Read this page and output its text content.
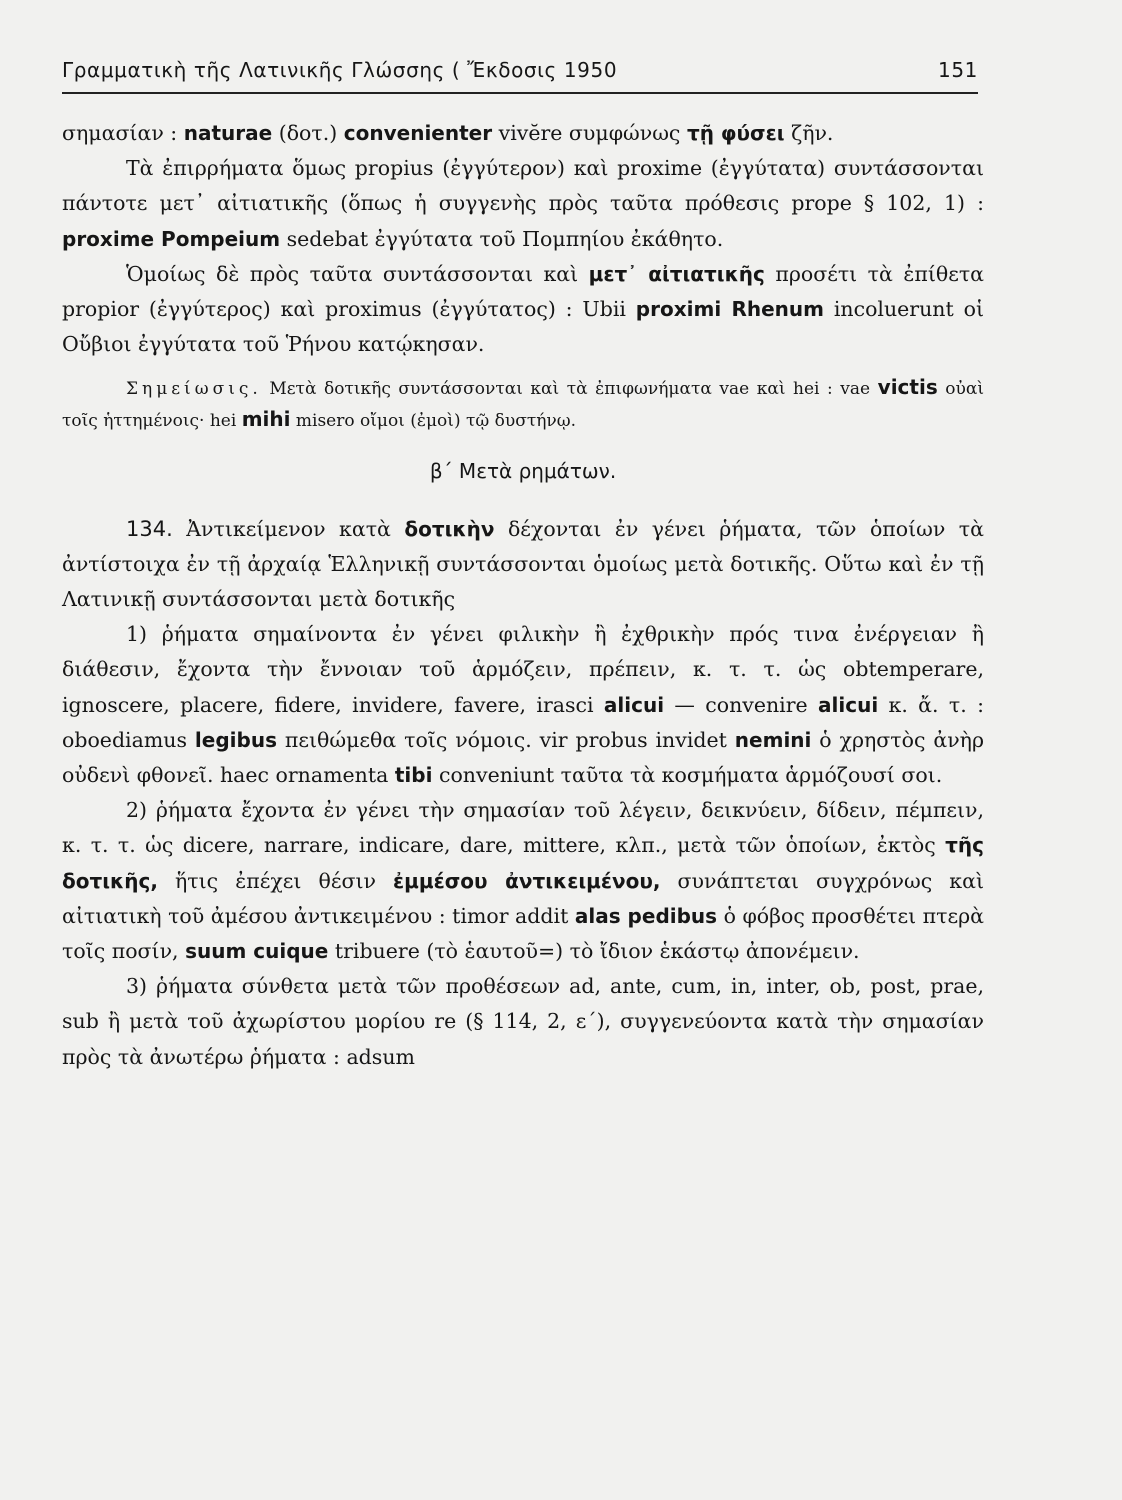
Γραμματικὴ τῆς Λατινικῆς Γλώσσης ( Ἔκδοσις 1950	151

σημασίαν : naturae (δοτ.) convenienter vivĕre συμφώνως τῇ φύσει ζῆν.

Τὰ ἐπιρρήματα ὅμως propius (ἐγγύτερον) καὶ proxime (ἐγγύτατα) συντάσσονται πάντοτε μετ᾿ αἰτιατικῆς (ὅπως ἡ συγγενὴς πρὸς ταῦτα πρόθεσις prope § 102, 1) : proxime Pompeium sedebat ἐγγύτατα τοῦ Πομπηίου ἐκάθητο.

Ὁμοίως δὲ πρὸς ταῦτα συντάσσονται καὶ μετ᾿ αἰτιατικῆς προσέτι τὰ ἐπίθετα propior (ἐγγύτερος) καὶ proximus (ἐγγύτατος) : Ubii proximi Rhenum incoluerunt οἱ Οὔβιοι ἐγγύτατα τοῦ Ῥήνου κατῴκησαν.

Σημείωσις. Μετὰ δοτικῆς συντάσσονται καὶ τὰ ἐπιφωνήματα vae καὶ hei : vae victis οὐαὶ τοῖς ἡττημένοις· hei mihi misero οἴμοι (ἐμοὶ) τῷ δυστήνῳ.

β΄ Μετὰ ρημάτων.

134. Ἀντικείμενον κατὰ δοτικὴν δέχονται ἐν γένει ῥήματα, τῶν ὁποίων τὰ ἀντίστοιχα ἐν τῇ ἀρχαίᾳ Ἑλληνικῇ συντάσσονται ὁμοίως μετὰ δοτικῆς. Οὕτω καὶ ἐν τῇ Λατινικῇ συντάσσονται μετὰ δοτικῆς

1) ῥήματα σημαίνοντα ἐν γένει φιλικὴν ἢ ἐχθρικὴν πρός τινα ἐνέργειαν ἢ διάθεσιν, ἔχοντα τὴν ἔννοιαν τοῦ ἁρμόζειν, πρέπειν, κ. τ. τ. ὡς obtemperare, ignoscere, placere, fidere, invidere, favere, irasci alicui — convenire alicui κ. ἄ. τ. : oboediamus legibus πειθώμεθα τοῖς νόμοις. vir probus invidet nemini ὁ χρηστὸς ἀνὴρ οὐδενὶ φθονεῖ. haec ornamenta tibi conveniunt ταῦτα τὰ κοσμήματα ἁρμόζουσί σοι.

2) ῥήματα ἔχοντα ἐν γένει τὴν σημασίαν τοῦ λέγειν, δεικνύειν, δίδειν, πέμπειν, κ. τ. τ. ὡς dicere, narrare, indicare, dare, mittere, κλπ., μετὰ τῶν ὁποίων, ἐκτὸς τῆς δοτικῆς, ἥτις ἐπέχει θέσιν ἐμμέσου ἀντικειμένου, συνάπτεται συγχρόνως καὶ αἰτιατικὴ τοῦ ἀμέσου ἀντικειμένου : timor addit alas pedibus ὁ φόβος προσθέτει πτερὰ τοῖς ποσίν, suum cuique tribuere (τὸ ἑαυτοῦ=) τὸ ἴδιον ἑκάστῳ ἀπονέμειν.

3) ῥήματα σύνθετα μετὰ τῶν προθέσεων ad, ante, cum, in, inter, ob, post, prae, sub ἢ μετὰ τοῦ ἀχωρίστου μορίου re (§ 114, 2, ε΄), συγγενεύοντα κατὰ τὴν σημασίαν πρὸς τὰ ἀνωτέρω ῥήματα : adsum
